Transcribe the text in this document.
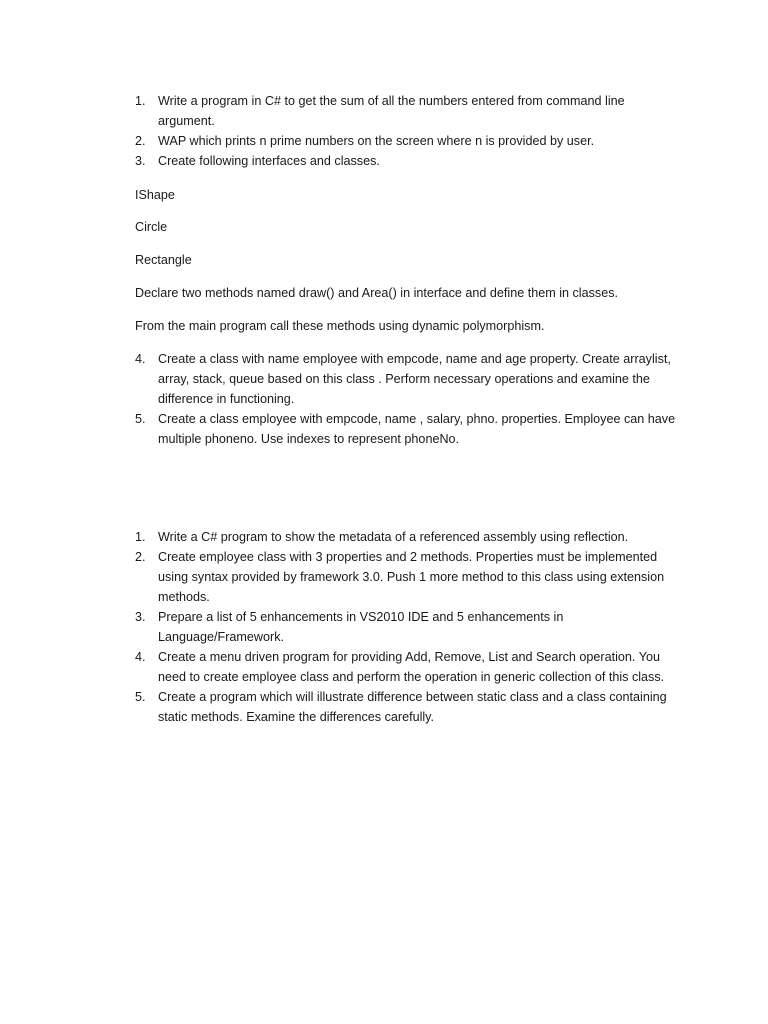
1. Write a program in C# to get the sum of all the numbers entered from command line argument.
2. WAP which prints n prime numbers on the screen where n is provided by user.
3. Create following interfaces and classes.

IShape

Circle

Rectangle

Declare two methods named draw() and Area() in interface and define them in classes.

From the main program call these methods using dynamic polymorphism.

4. Create a class with name employee with empcode, name and age property. Create arraylist, array, stack, queue based on this class . Perform necessary operations and examine the difference in functioning.
5. Create a class employee with empcode, name , salary, phno. properties. Employee can have multiple phoneno. Use indexes to represent phoneNo.
1. Write a C# program to show the metadata of a referenced assembly using reflection.
2. Create employee class with 3 properties and 2 methods. Properties must be implemented using syntax provided by framework 3.0. Push 1 more method to this class using extension methods.
3. Prepare a list of 5 enhancements in VS2010 IDE and 5 enhancements in Language/Framework.
4. Create a menu driven program for providing Add, Remove, List and Search operation. You need to create employee class and perform the operation in generic collection of this class.
5. Create a program which will illustrate difference between static class and a class containing static methods. Examine the differences carefully.
